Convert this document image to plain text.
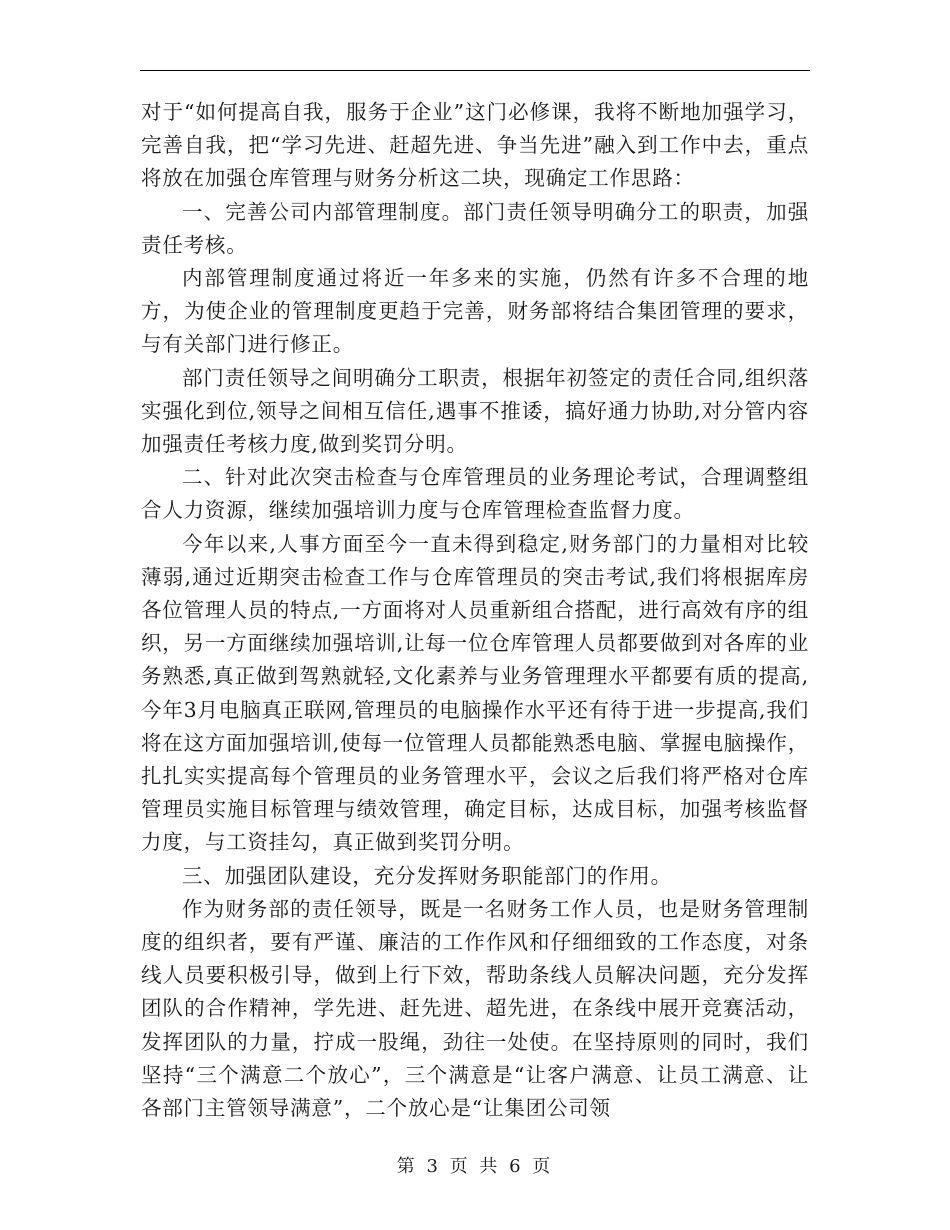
对于“如何提高自我，服务于企业”这门必修课，我将不断地加强学习，完善自我，把“学习先进、赶超先进、争当先进”融入到工作中去，重点将放在加强仓库管理与财务分析这二块，现确定工作思路：

一、完善公司内部管理制度。部门责任领导明确分工的职责，加强责任考核。

内部管理制度通过将近一年多来的实施，仍然有许多不合理的地方，为使企业的管理制度更趋于完善，财务部将结合集团管理的要求，与有关部门进行修正。

部门责任领导之间明确分工职责，根据年初签定的责任合同,组织落实强化到位,领导之间相互信任,遇事不推诿，搞好通力协助,对分管内容加强责任考核力度,做到奖罚分明。

二、针对此次突击检查与仓库管理员的业务理论考试，合理调整组合人力资源，继续加强培训力度与仓库管理检查监督力度。

今年以来,人事方面至今一直未得到稳定,财务部门的力量相对比较薄弱,通过近期突击检查工作与仓库管理员的突击考试,我们将根据库房各位管理人员的特点,一方面将对人员重新组合搭配，进行高效有序的组织，另一方面继续加强培训,让每一位仓库管理人员都要做到对各库的业务熟悉,真正做到驾熟就轻,文化素养与业务管理理水平都要有质的提高,今年3月电脑真正联网,管理员的电脑操作水平还有待于进一步提高,我们将在这方面加强培训,使每一位管理人员都能熟悉电脑、掌握电脑操作，扎扎实实提高每个管理员的业务管理水平，会议之后我们将严格对仓库管理员实施目标管理与绩效管理，确定目标，达成目标，加强考核监督力度，与工资挂勾，真正做到奖罚分明。

三、加强团队建设，充分发挥财务职能部门的作用。

作为财务部的责任领导，既是一名财务工作人员，也是财务管理制度的组织者，要有严谨、廉洁的工作作风和仔细细致的工作态度，对条线人员要积极引导，做到上行下效，帮助条线人员解决问题，充分发挥团队的合作精神，学先进、赶先进、超先进，在条线中展开竞赛活动，发挥团队的力量，拧成一股绳，劲往一处使。在坚持原则的同时，我们坚持“三个满意二个放心”，三个满意是“让客户满意、让员工满意、让各部门主管领导满意”，二个放心是“让集团公司领

第 3 页 共 6 页
